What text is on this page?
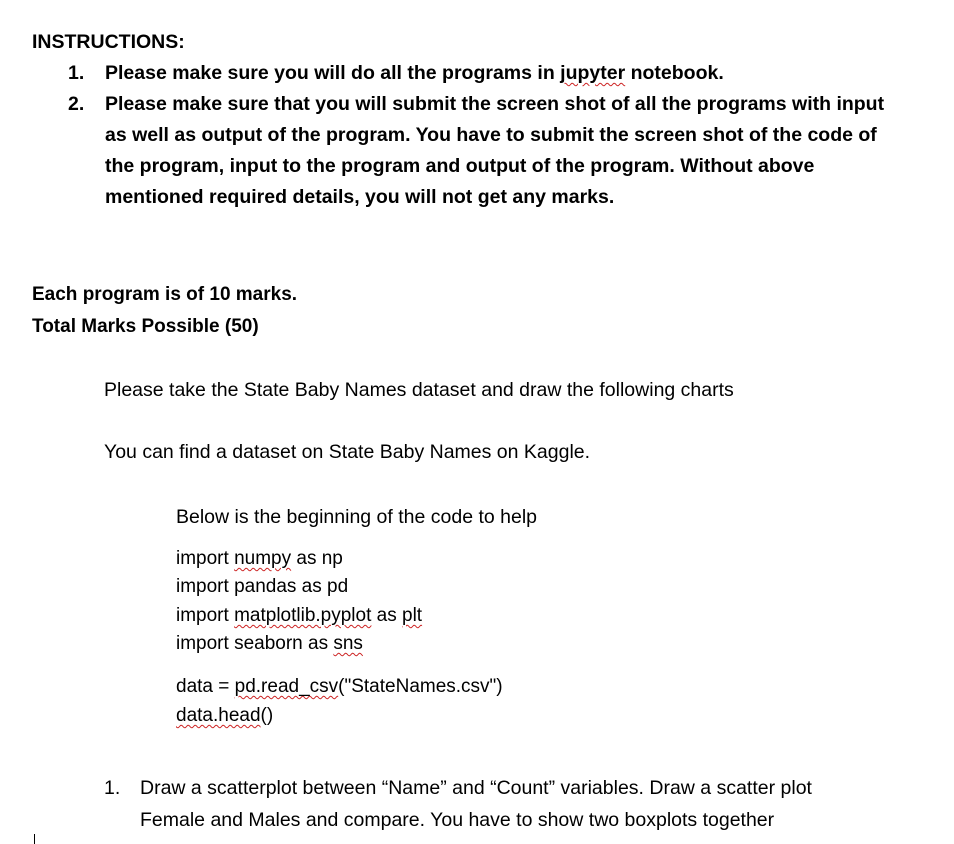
INSTRUCTIONS:
1. Please make sure you will do all the programs in jupyter notebook.
2. Please make sure that you will submit the screen shot of all the programs with input
as well as output of the program. You have to submit the screen shot of the code of
the program, input to the program and output of the program. Without above
mentioned required details, you will not get any marks.
Each program is of 10 marks.
Total Marks Possible (50)
Please take the State Baby Names dataset and draw the following charts
You can find a dataset on State Baby Names on Kaggle.
Below is the beginning of the code to help
import numpy as np
import pandas as pd
import matplotlib.pyplot as plt
import seaborn as sns
data = pd.read_csv("StateNames.csv")
data.head()
1. Draw a scatterplot between “Name” and “Count” variables. Draw a scatter plot
Female and Males and compare. You have to show two boxplots together
